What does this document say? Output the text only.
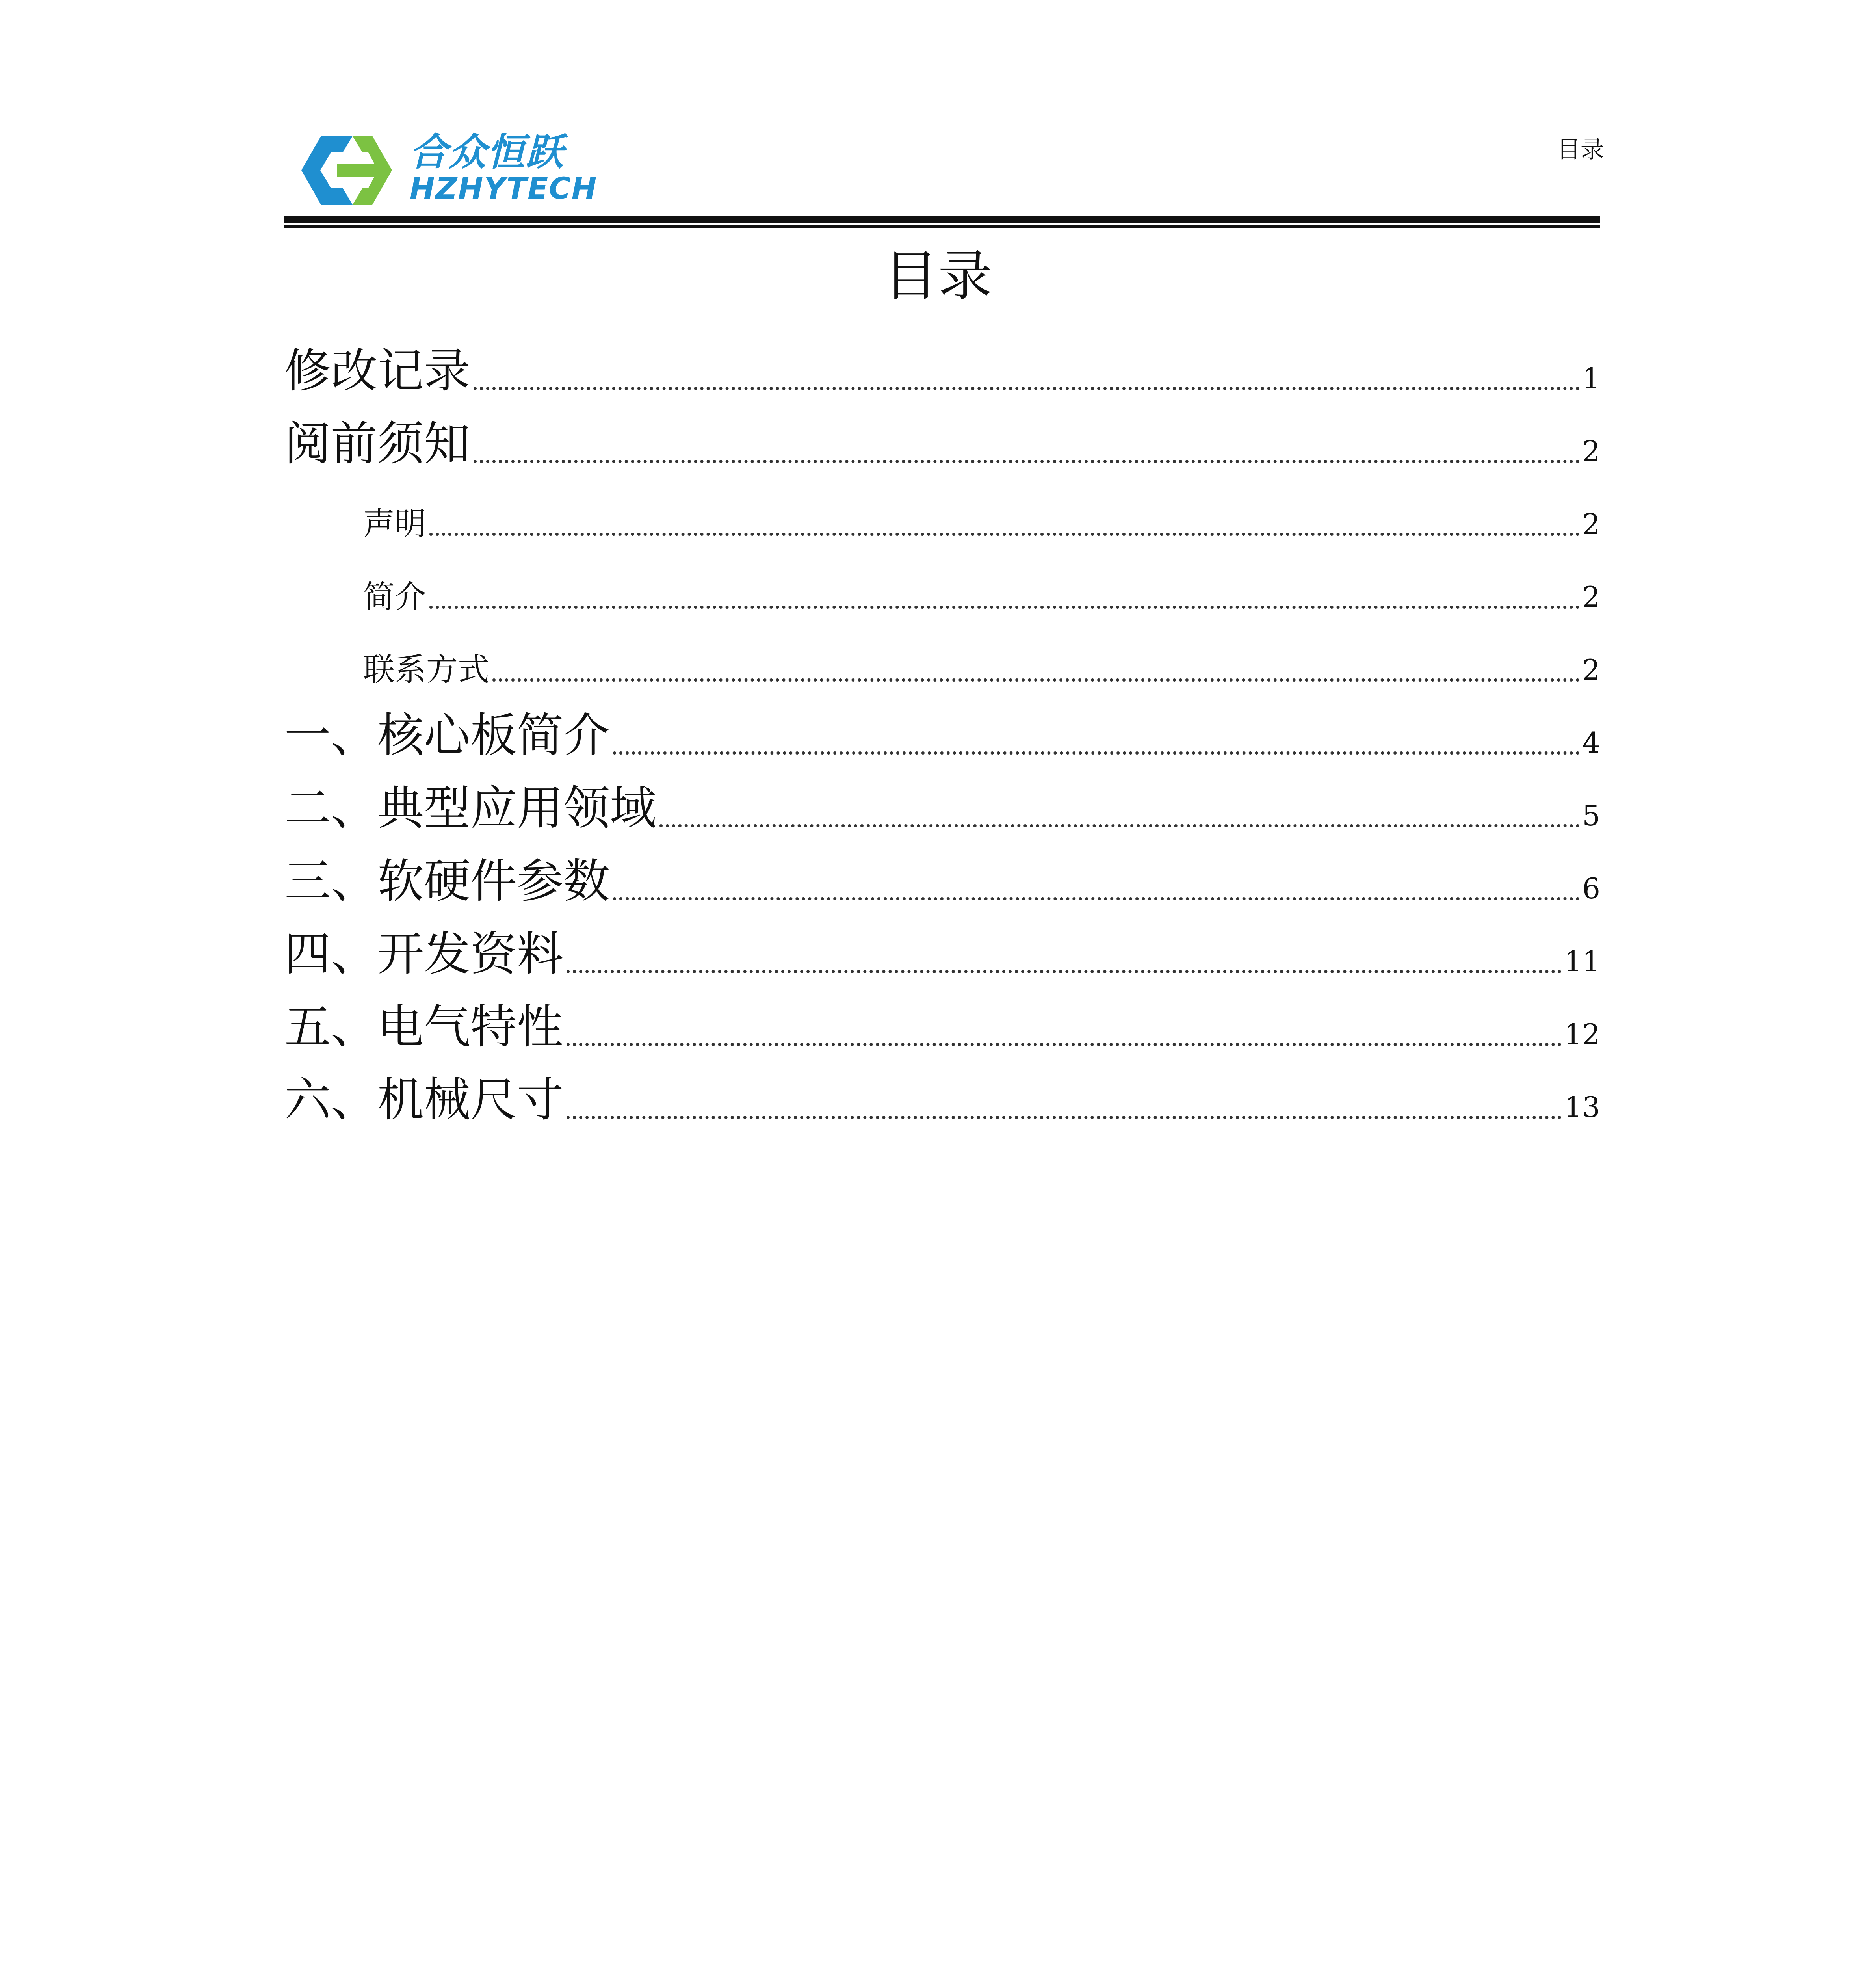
合众恒跃
HZHYTECH
目录
目录
修改记录	1
阅前须知	2
声明	2
简介	2
联系方式	2
一、核心板简介	4
二、典型应用领域	5
三、软硬件参数	6
四、开发资料	11
五、电气特性	12
六、机械尺寸	13
